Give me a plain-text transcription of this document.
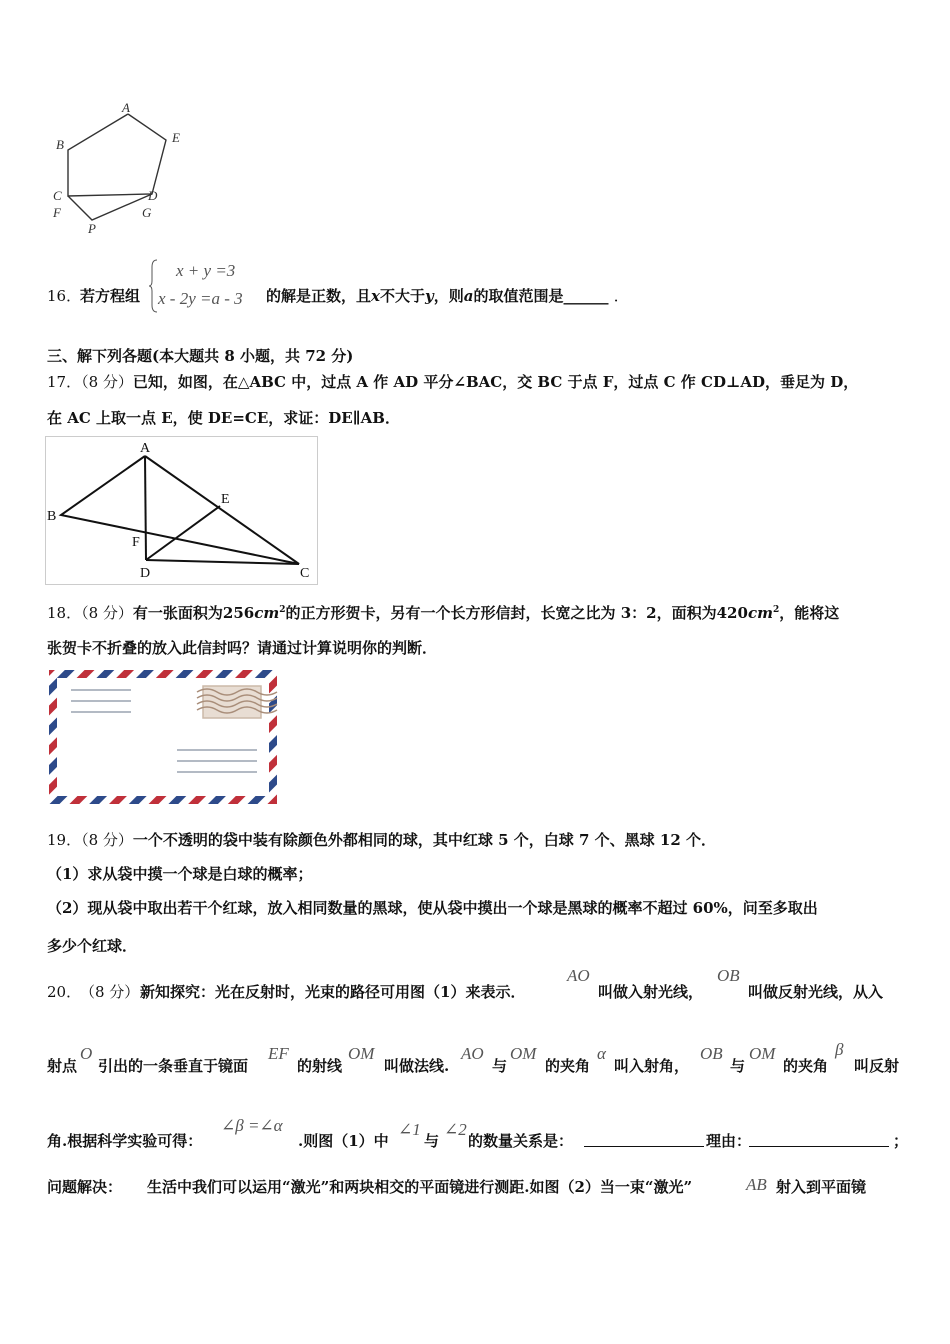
A
B	E
C	D
F	G
P
16．
若方程组
x + y =3
x - 2y =a - 3 的解是正数，且x不大于y，则a的取值范围是______ ．
三、解下列各题(本大题共 8 小题，共 72 分)
17．（8 分）已知，如图，在△ABC 中，过点 A 作 AD 平分∠BAC，交 BC 于点 F，过点 C 作 CD⊥AD，垂足为 D，
在 AC 上取一点 E，使 DE=CE，求证：DE∥AB．
A
B
E
F
D	C
18．（8 分）有一张面积为$256cm^2$的正方形贺卡，另有一个长方形信封，长宽之比为 3：2，面积为$420cm^2$，能将这
张贺卡不折叠的放入此信封吗？请通过计算说明你的判断．
19．（8 分）一个不透明的袋中装有除颜色外都相同的球，其中红球 5 个，白球 7 个、黑球 12 个．
（1）求从袋中摸一个球是白球的概率；
（2）现从袋中取出若干个红球，放入相同数量的黑球，使从袋中摸出一个球是黑球的概率不超过 60%，问至多取出
多少个红球．
20．
（8 分） 新知探究：光在反射时，光束的路径可用图（1）来表示．
AO
叫做入射光线，
OB
叫做反射光线，从入
射点
O
引出的一条垂直于镜面
EF
的射线
OM
叫做法线.
AO
与
OM
的夹角
α
叫入射角，
OB
与
OM
的夹角
β
叫反射
角.根据科学实验可得：
∠β =∠α
.则图（1）中
∠1
与
∠2
的数量关系是：	理由：	；
问题解决： 生活中我们可以运用“激光”和两块相交的平面镜进行测距.如图（2）当一束“激光”	AB 射入到平面镜
